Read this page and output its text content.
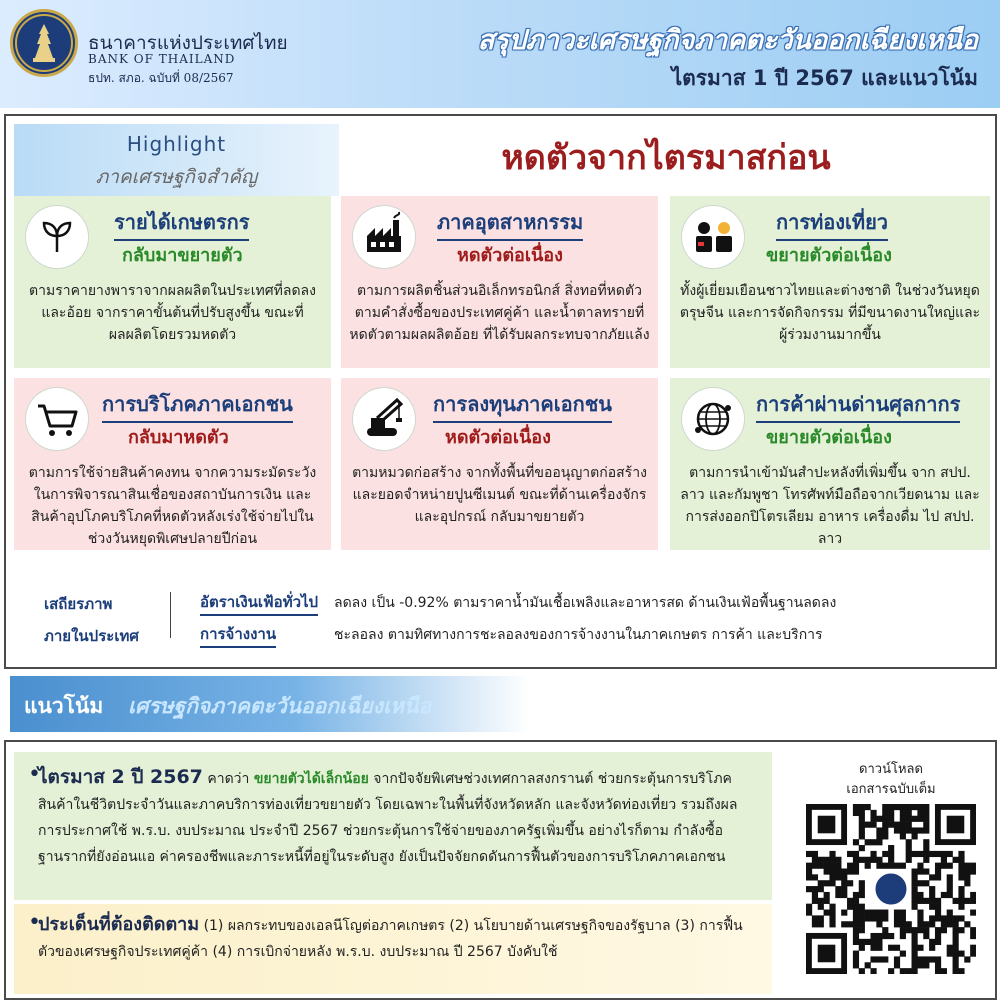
ธนาคารแห่งประเทศไทย
BANK OF THAILAND
ธปท. สภอ. ฉบับที่ 08/2567
สรุปภาวะเศรษฐกิจภาคตะวันออกเฉียงเหนือ
ไตรมาส 1 ปี 2567 และแนวโน้ม
Highlight
ภาคเศรษฐกิจสำคัญ	หดตัวจากไตรมาสก่อน
รายได้เกษตรกร
กลับมาขยายตัว
ตามราคายางพาราจากผลผลิตในประเทศที่ลดลง และอ้อย จากราคาขั้นต้นที่ปรับสูงขึ้น ขณะที่ผลผลิตโดยรวมหดตัว
ภาคอุตสาหกรรม
หดตัวต่อเนื่อง
ตามการผลิตชิ้นส่วนอิเล็กทรอนิกส์ สิ่งทอที่หดตัวตามคำสั่งซื้อของประเทศคู่ค้า และน้ำตาลทรายที่หดตัวตามผลผลิตอ้อย ที่ได้รับผลกระทบจากภัยแล้ง
การท่องเที่ยว
ขยายตัวต่อเนื่อง
ทั้งผู้เยี่ยมเยือนชาวไทยและต่างชาติ ในช่วงวันหยุด ตรุษจีน และการจัดกิจกรรม ที่มีขนาดงานใหญ่และผู้ร่วมงานมากขึ้น
การบริโภคภาคเอกชน
กลับมาหดตัว
ตามการใช้จ่ายสินค้าคงทน จากความระมัดระวังในการพิจารณาสินเชื่อของสถาบันการเงิน และสินค้าอุปโภคบริโภคที่หดตัวหลังเร่งใช้จ่ายไปในช่วงวันหยุดพิเศษปลายปีก่อน
การลงทุนภาคเอกชน
หดตัวต่อเนื่อง
ตามหมวดก่อสร้าง จากทั้งพื้นที่ขออนุญาตก่อสร้าง และยอดจำหน่ายปูนซีเมนต์ ขณะที่ด้านเครื่องจักร และอุปกรณ์ กลับมาขยายตัว
การค้าผ่านด่านศุลกากร
ขยายตัวต่อเนื่อง
ตามการนำเข้ามันสำปะหลังที่เพิ่มขึ้น จาก สปป. ลาว และกัมพูชา โทรศัพท์มือถือจากเวียดนาม และการส่งออกปิโตรเลียม อาหาร เครื่องดื่ม ไป สปป. ลาว
เสถียรภาพ
ภายในประเทศ
อัตราเงินเฟ้อทั่วไป ลดลง เป็น -0.92% ตามราคาน้ำมันเชื้อเพลิงและอาหารสด ด้านเงินเฟ้อพื้นฐานลดลง
การจ้างงาน	ชะลอลง ตามทิศทางการชะลอลงของการจ้างงานในภาคเกษตร การค้า และบริการ
แนวโน้ม เศรษฐกิจภาคตะวันออกเฉียงเหนือ
•
ไตรมาส 2 ปี 2567 คาดว่า ขยายตัวได้เล็กน้อย จากปัจจัยพิเศษช่วงเทศกาลสงกรานต์ ช่วยกระตุ้นการบริโภคสินค้าในชีวิตประจำวันและภาคบริการท่องเที่ยวขยายตัว โดยเฉพาะในพื้นที่จังหวัดหลัก และจังหวัดท่องเที่ยว รวมถึงผลการประกาศใช้ พ.ร.บ. งบประมาณ ประจำปี 2567 ช่วยกระตุ้นการใช้จ่ายของภาครัฐเพิ่มขึ้น อย่างไรก็ตาม กำลังซื้อฐานรากที่ยังอ่อนแอ ค่าครองชีพและภาระหนี้ที่อยู่ในระดับสูง ยังเป็นปัจจัยกดดันการฟื้นตัวของการบริโภคภาคเอกชน
•
ประเด็นที่ต้องติดตาม (1) ผลกระทบของเอลนีโญต่อภาคเกษตร (2) นโยบายด้านเศรษฐกิจของรัฐบาล (3) การฟื้นตัวของเศรษฐกิจประเทศคู่ค้า (4) การเบิกจ่ายหลัง พ.ร.บ. งบประมาณ ปี 2567 บังคับใช้
ดาวน์โหลด
เอกสารฉบับเต็ม
